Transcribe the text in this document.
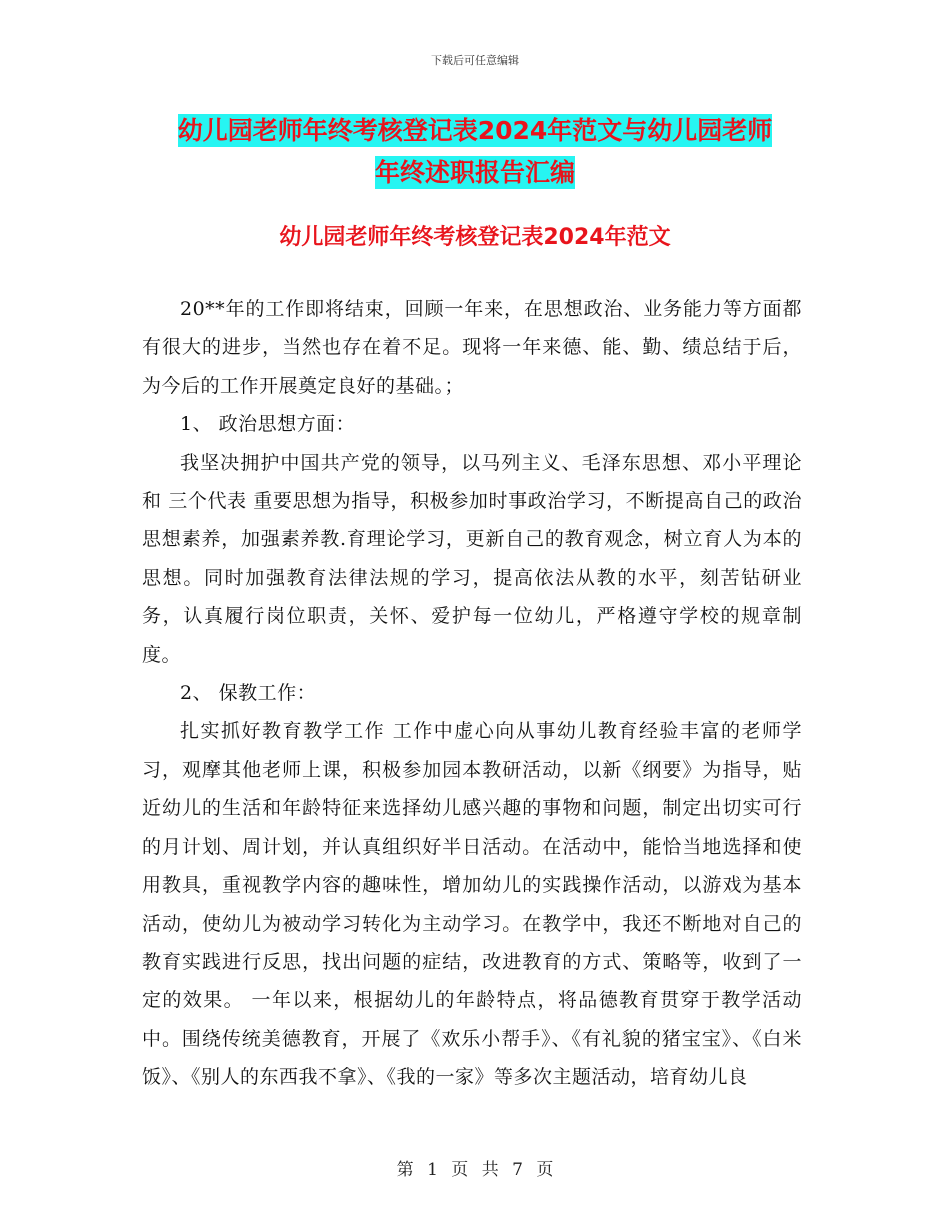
下载后可任意编辑
幼儿园老师年终考核登记表2024年范文与幼儿园老师
年终述职报告汇编
幼儿园老师年终考核登记表2024年范文

20**年的工作即将结束，回顾一年来，在思想政治、业务能力等方面都有很大的进步，当然也存在着不足。现将一年来德、能、勤、绩总结于后，为今后的工作开展奠定良好的基础。；

1、 政治思想方面：

我坚决拥护中国共产党的领导，以马列主义、毛泽东思想、邓小平理论和 三个代表 重要思想为指导，积极参加时事政治学习，不断提高自己的政治思想素养，加强素养教.育理论学习，更新自己的教育观念，树立育人为本的思想。同时加强教育法律法规的学习，提高依法从教的水平，刻苦钻研业务，认真履行岗位职责，关怀、爱护每一位幼儿，严格遵守学校的规章制度。

2、 保教工作：

扎实抓好教育教学工作 工作中虚心向从事幼儿教育经验丰富的老师学习，观摩其他老师上课，积极参加园本教研活动，以新《纲要》为指导，贴近幼儿的生活和年龄特征来选择幼儿感兴趣的事物和问题，制定出切实可行的月计划、周计划，并认真组织好半日活动。在活动中，能恰当地选择和使用教具，重视教学内容的趣味性，增加幼儿的实践操作活动，以游戏为基本活动，使幼儿为被动学习转化为主动学习。在教学中，我还不断地对自己的教育实践进行反思，找出问题的症结，改进教育的方式、策略等，收到了一定的效果。 一年以来，根据幼儿的年龄特点，将品德教育贯穿于教学活动中。围绕传统美德教育，开展了《欢乐小帮手》、《有礼貌的猪宝宝》、《白米饭》、《别人的东西我不拿》、《我的一家》等多次主题活动，培育幼儿良

第 1 页 共 7 页
